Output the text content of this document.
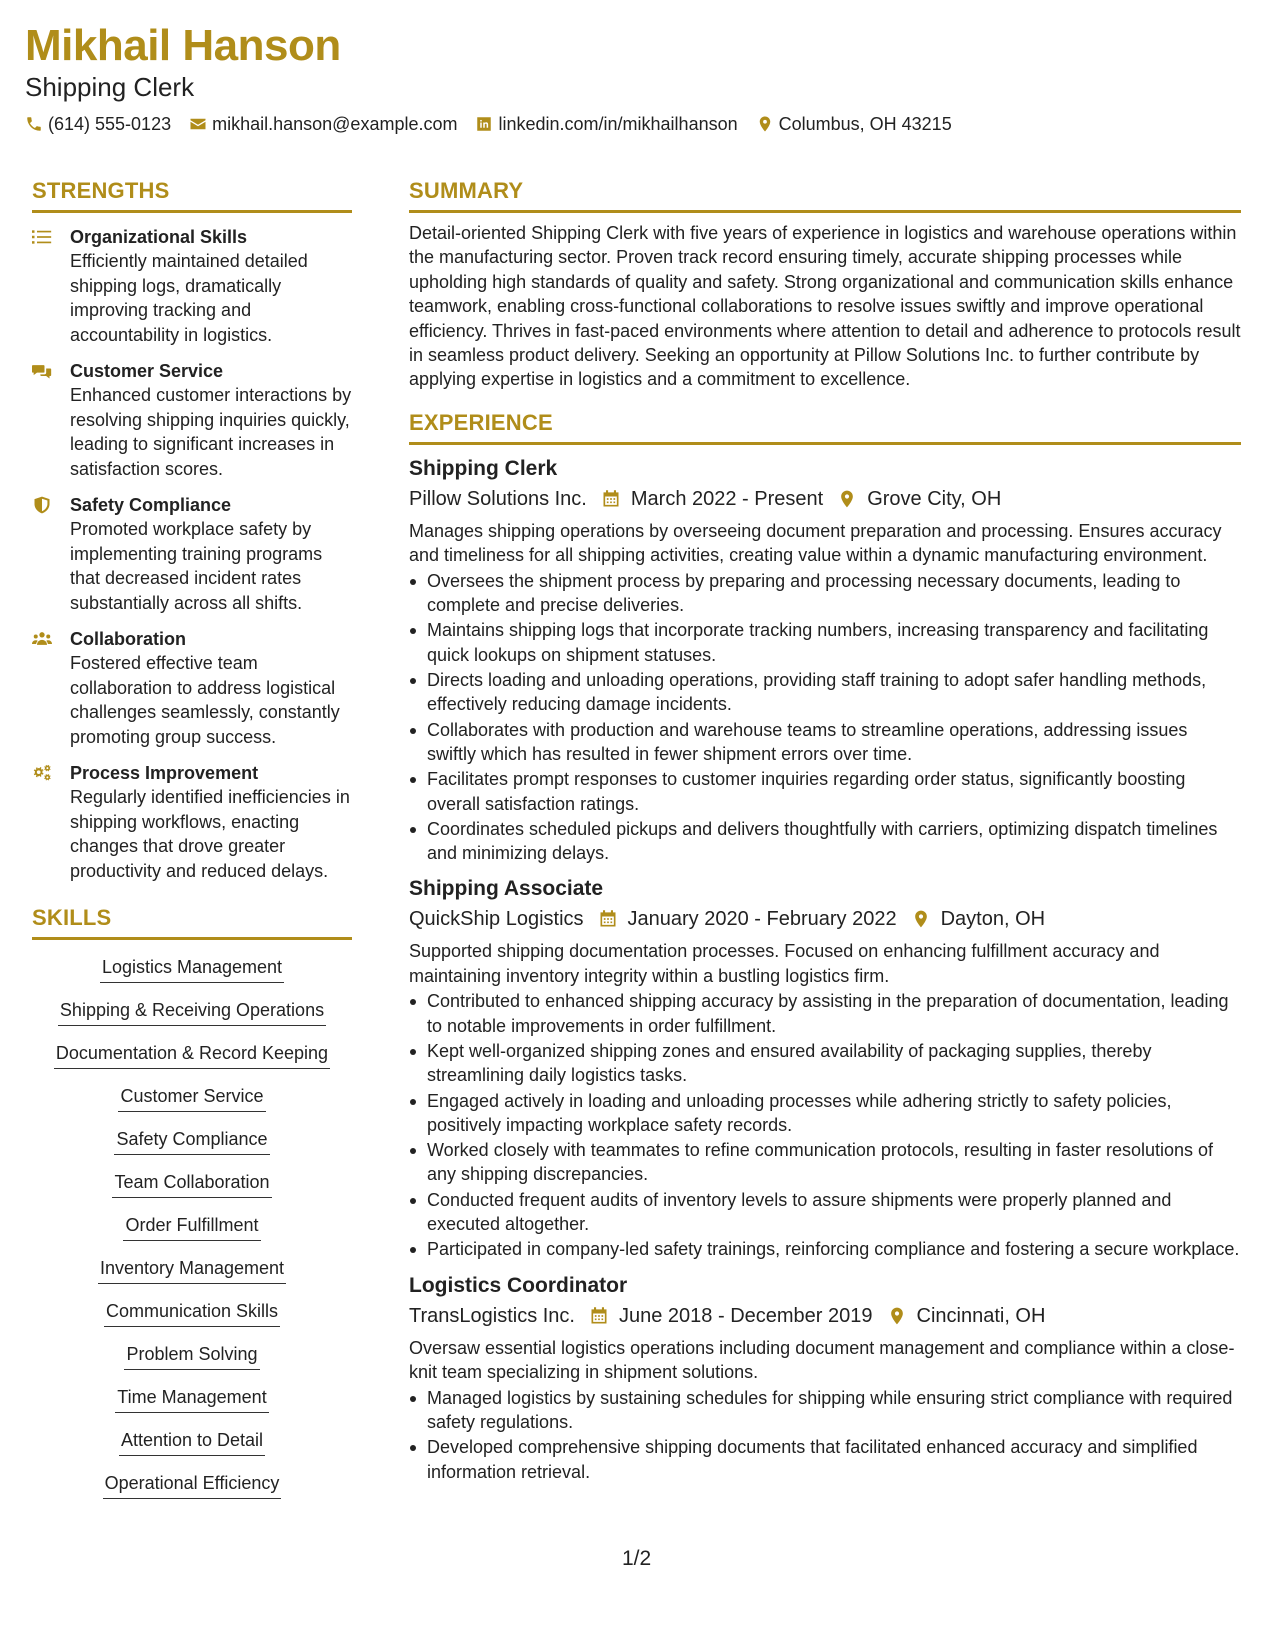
Mikhail Hanson
Shipping Clerk
(614) 555-0123 mikhail.hanson@example.com linkedin.com/in/mikhailhanson Columbus, OH 43215
STRENGTHS
Organizational Skills
Efficiently maintained detailed shipping logs, dramatically improving tracking and accountability in logistics.
Customer Service
Enhanced customer interactions by resolving shipping inquiries quickly, leading to significant increases in satisfaction scores.
Safety Compliance
Promoted workplace safety by implementing training programs that decreased incident rates substantially across all shifts.
Collaboration
Fostered effective team collaboration to address logistical challenges seamlessly, constantly promoting group success.
Process Improvement
Regularly identified inefficiencies in shipping workflows, enacting changes that drove greater productivity and reduced delays.
SKILLS
Logistics Management
Shipping & Receiving Operations
Documentation & Record Keeping
Customer Service
Safety Compliance
Team Collaboration
Order Fulfillment
Inventory Management
Communication Skills
Problem Solving
Time Management
Attention to Detail
Operational Efficiency
SUMMARY
Detail-oriented Shipping Clerk with five years of experience in logistics and warehouse operations within the manufacturing sector. Proven track record ensuring timely, accurate shipping processes while upholding high standards of quality and safety. Strong organizational and communication skills enhance teamwork, enabling cross-functional collaborations to resolve issues swiftly and improve operational efficiency. Thrives in fast-paced environments where attention to detail and adherence to protocols result in seamless product delivery. Seeking an opportunity at Pillow Solutions Inc. to further contribute by applying expertise in logistics and a commitment to excellence.
EXPERIENCE
Shipping Clerk
Pillow Solutions Inc. March 2022 - Present Grove City, OH
Manages shipping operations by overseeing document preparation and processing. Ensures accuracy and timeliness for all shipping activities, creating value within a dynamic manufacturing environment.
Oversees the shipment process by preparing and processing necessary documents, leading to complete and precise deliveries.
Maintains shipping logs that incorporate tracking numbers, increasing transparency and facilitating quick lookups on shipment statuses.
Directs loading and unloading operations, providing staff training to adopt safer handling methods, effectively reducing damage incidents.
Collaborates with production and warehouse teams to streamline operations, addressing issues swiftly which has resulted in fewer shipment errors over time.
Facilitates prompt responses to customer inquiries regarding order status, significantly boosting overall satisfaction ratings.
Coordinates scheduled pickups and delivers thoughtfully with carriers, optimizing dispatch timelines and minimizing delays.
Shipping Associate
QuickShip Logistics January 2020 - February 2022 Dayton, OH
Supported shipping documentation processes. Focused on enhancing fulfillment accuracy and maintaining inventory integrity within a bustling logistics firm.
Contributed to enhanced shipping accuracy by assisting in the preparation of documentation, leading to notable improvements in order fulfillment.
Kept well-organized shipping zones and ensured availability of packaging supplies, thereby streamlining daily logistics tasks.
Engaged actively in loading and unloading processes while adhering strictly to safety policies, positively impacting workplace safety records.
Worked closely with teammates to refine communication protocols, resulting in faster resolutions of any shipping discrepancies.
Conducted frequent audits of inventory levels to assure shipments were properly planned and executed altogether.
Participated in company-led safety trainings, reinforcing compliance and fostering a secure workplace.
Logistics Coordinator
TransLogistics Inc. June 2018 - December 2019 Cincinnati, OH
Oversaw essential logistics operations including document management and compliance within a close-knit team specializing in shipment solutions.
Managed logistics by sustaining schedules for shipping while ensuring strict compliance with required safety regulations.
Developed comprehensive shipping documents that facilitated enhanced accuracy and simplified information retrieval.
1/2
